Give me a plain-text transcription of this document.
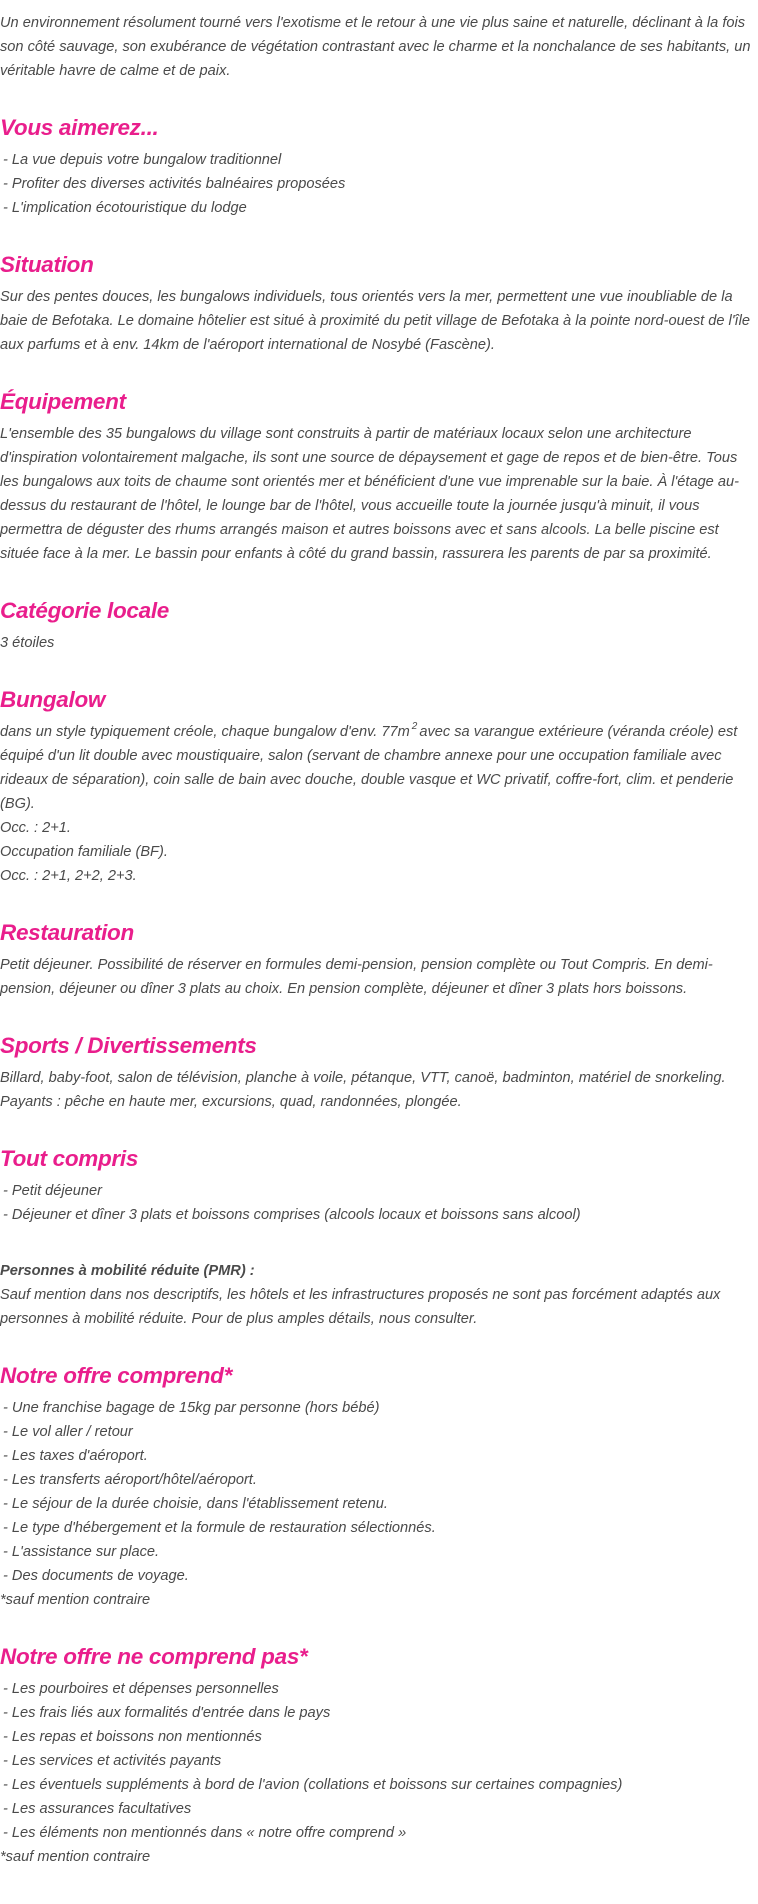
Un environnement résolument tourné vers l'exotisme et le retour à une vie plus saine et naturelle, déclinant à la fois son côté sauvage, son exubérance de végétation contrastant avec le charme et la nonchalance de ses habitants, un véritable havre de calme et de paix.

Vous aimerez...
- La vue depuis votre bungalow traditionnel
- Profiter des diverses activités balnéaires proposées
- L'implication écotouristique du lodge
Situation

Sur des pentes douces, les bungalows individuels, tous orientés vers la mer, permettent une vue inoubliable de la baie de Befotaka. Le domaine hôtelier est situé à proximité du petit village de Befotaka à la pointe nord-ouest de l'île aux parfums et à env. 14km de l'aéroport international de Nosybé (Fascène).

Équipement

L'ensemble des 35 bungalows du village sont construits à partir de matériaux locaux selon une architecture d'inspiration volontairement malgache, ils sont une source de dépaysement et gage de repos et de bien-être. Tous les bungalows aux toits de chaume sont orientés mer et bénéficient d'une vue imprenable sur la baie. À l'étage au-dessus du restaurant de l'hôtel, le lounge bar de l'hôtel, vous accueille toute la journée jusqu'à minuit, il vous permettra de déguster des rhums arrangés maison et autres boissons avec et sans alcools. La belle piscine est située face à la mer. Le bassin pour enfants à côté du grand bassin, rassurera les parents de par sa proximité.

Catégorie locale

3 étoiles

Bungalow

dans un style typiquement créole, chaque bungalow d'env. 77m $^2$ avec sa varangue extérieure (véranda créole) est équipé d'un lit double avec moustiquaire, salon (servant de chambre annexe pour une occupation familiale avec rideaux de séparation), coin salle de bain avec douche, double vasque et WC privatif, coffre-fort, clim. et penderie (BG).

Occ. : 2+1.

Occupation familiale (BF).

Occ. : 2+1, 2+2, 2+3.

Restauration

Petit déjeuner. Possibilité de réserver en formules demi-pension, pension complète ou Tout Compris. En demi-pension, déjeuner ou dîner 3 plats au choix. En pension complète, déjeuner et dîner 3 plats hors boissons.

Sports / Divertissements

Billard, baby-foot, salon de télévision, planche à voile, pétanque, VTT, canoë, badminton, matériel de snorkeling.

Payants : pêche en haute mer, excursions, quad, randonnées, plongée.

Tout compris
- Petit déjeuner
- Déjeuner et dîner 3 plats et boissons comprises (alcools locaux et boissons sans alcool)
Personnes à mobilité réduite (PMR) :

Sauf mention dans nos descriptifs, les hôtels et les infrastructures proposés ne sont pas forcément adaptés aux personnes à mobilité réduite. Pour de plus amples détails, nous consulter.

Notre offre comprend*
- Une franchise bagage de 15kg par personne (hors bébé)
- Le vol aller / retour
- Les taxes d'aéroport.
- Les transferts aéroport/hôtel/aéroport.
- Le séjour de la durée choisie, dans l'établissement retenu.
- Le type d'hébergement et la formule de restauration sélectionnés.
- L'assistance sur place.
- Des documents de voyage.

*sauf mention contraire

Notre offre ne comprend pas*
- Les pourboires et dépenses personnelles
- Les frais liés aux formalités d'entrée dans le pays
- Les repas et boissons non mentionnés
- Les services et activités payants
- Les éventuels suppléments à bord de l'avion (collations et boissons sur certaines compagnies)
- Les assurances facultatives
- Les éléments non mentionnés dans « notre offre comprend »

*sauf mention contraire
